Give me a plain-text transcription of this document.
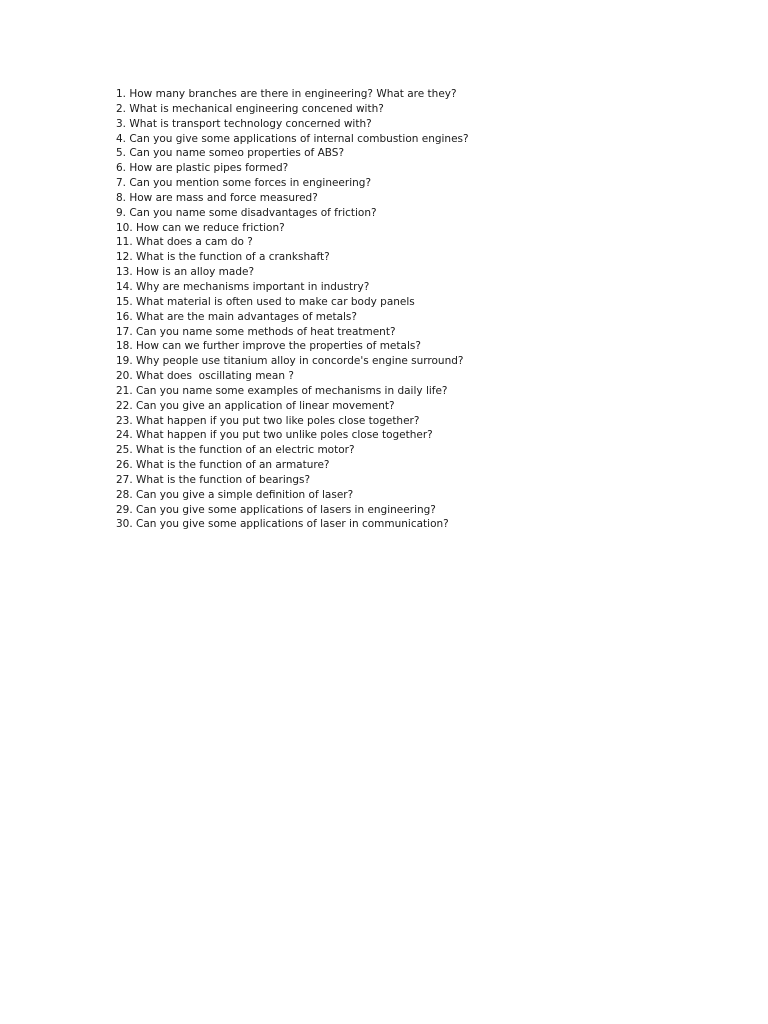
1. How many branches are there in engineering? What are they?
2. What is mechanical engineering concened with?
3. What is transport technology concerned with?
4. Can you give some applications of internal combustion engines?
5. Can you name someo properties of ABS?
6. How are plastic pipes formed?
7. Can you mention some forces in engineering?
8. How are mass and force measured?
9. Can you name some disadvantages of friction?
10. How can we reduce friction?
11. What does a cam do ?
12. What is the function of a crankshaft?
13. How is an alloy made?
14. Why are mechanisms important in industry?
15. What material is often used to make car body panels
16. What are the main advantages of metals?
17. Can you name some methods of heat treatment?
18. How can we further improve the properties of metals?
19. Why people use titanium alloy in concorde's engine surround?
20. What does  oscillating mean ?
21. Can you name some examples of mechanisms in daily life?
22. Can you give an application of linear movement?
23. What happen if you put two like poles close together?
24. What happen if you put two unlike poles close together?
25. What is the function of an electric motor?
26. What is the function of an armature?
27. What is the function of bearings?
28. Can you give a simple definition of laser?
29. Can you give some applications of lasers in engineering?
30. Can you give some applications of laser in communication?
